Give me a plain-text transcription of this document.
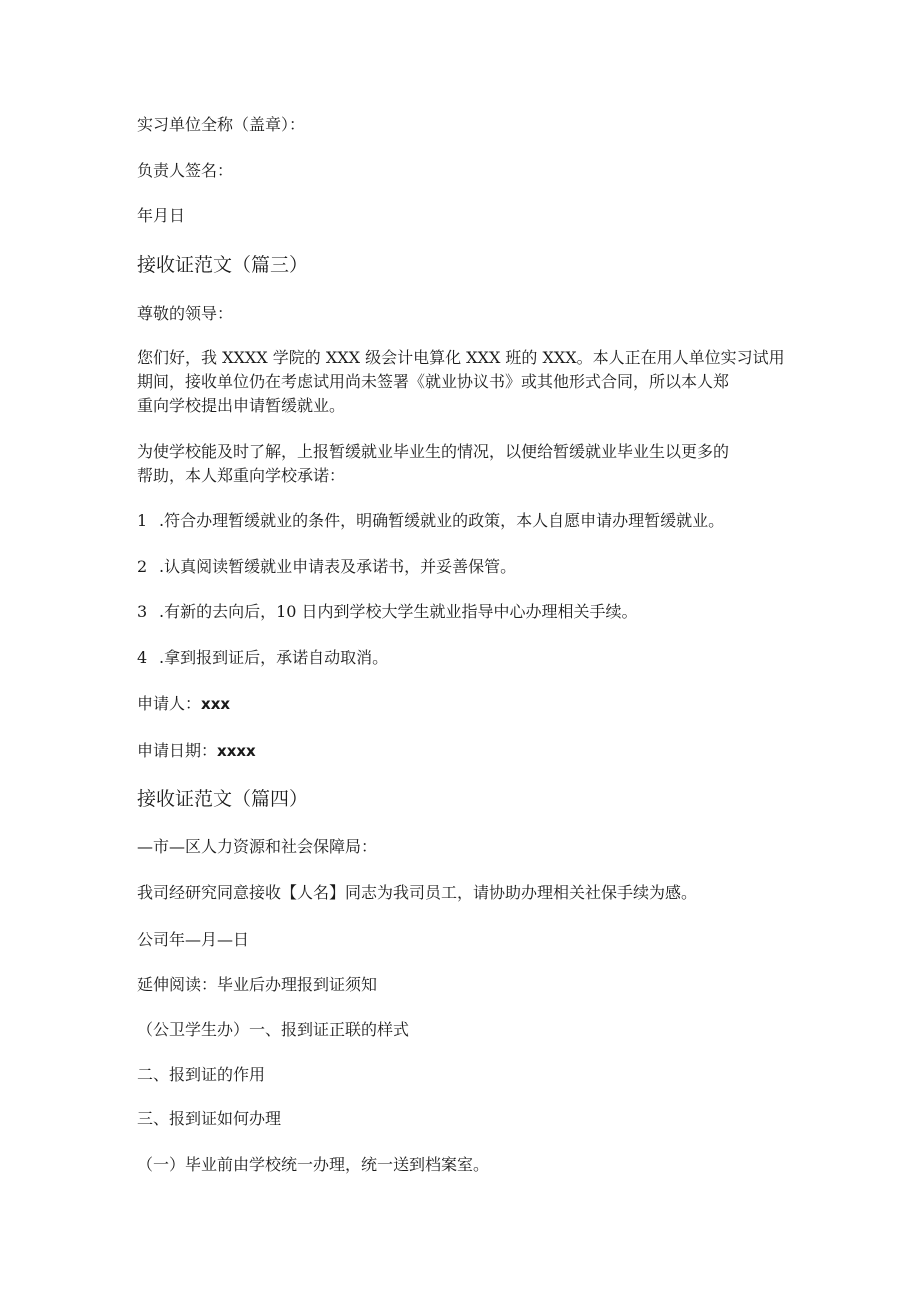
实习单位全称（盖章）：
负责人签名：
年月日
接收证范文（篇三）
尊敬的领导：
您们好，我 XXXX 学院的 XXX 级会计电算化 XXX 班的 XXX。本人正在用人单位实习试用
期间，接收单位仍在考虑试用尚未签署《就业协议书》或其他形式合同，所以本人郑
重向学校提出申请暂缓就业。
为使学校能及时了解，上报暂缓就业毕业生的情况，以便给暂缓就业毕业生以更多的
帮助，本人郑重向学校承诺：
1 .符合办理暂缓就业的条件，明确暂缓就业的政策，本人自愿申请办理暂缓就业。
2 .认真阅读暂缓就业申请表及承诺书，并妥善保管。
3 .有新的去向后，10 日内到学校大学生就业指导中心办理相关手续。
4 .拿到报到证后，承诺自动取消。
申请人：xxx
申请日期：xxxx
接收证范文（篇四）
—市—区人力资源和社会保障局：
我司经研究同意接收【人名】同志为我司员工，请协助办理相关社保手续为感。
公司年—月—日
延伸阅读：毕业后办理报到证须知
（公卫学生办）一、报到证正联的样式
二、报到证的作用
三、报到证如何办理
（一）毕业前由学校统一办理，统一送到档案室。
